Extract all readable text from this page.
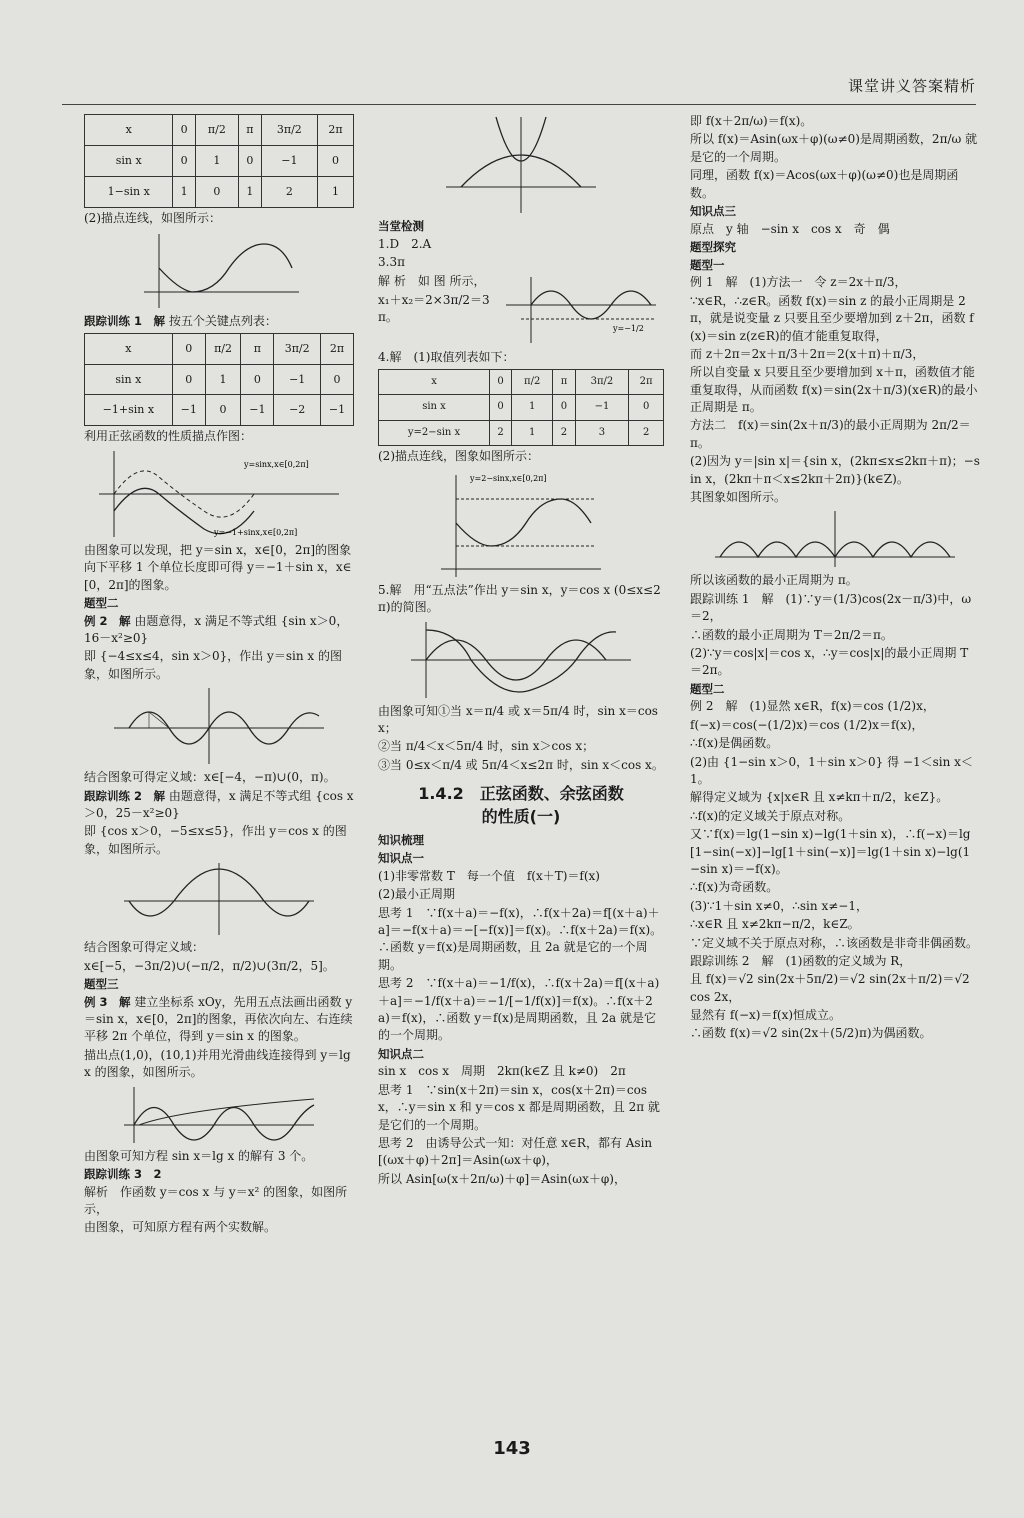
课堂讲义答案精析
x	0	π/2	π	3π/2	2π
sin x	0	1	0	−1	0
1−sin x	1	0	1	2	1

(2)描点连线，如图所示：

跟踪训练 1　解 按五个关键点列表：

x	0	π/2	π	3π/2	2π
sin x	0	1	0	−1	0
−1+sin x	−1	0	−1	−2	−1

利用正弦函数的性质描点作图：

y=sinx,x∈[0,2π]
y=−1+sinx,x∈[0,2π]

由图象可以发现，把 y＝sin x，x∈[0，2π]的图象向下平移 1 个单位长度即可得 y＝−1＋sin x，x∈[0，2π]的图象。

题型二

例 2　解 由题意得，x 满足不等式组 {sin x＞0，16－x²≥0}

即 {−4≤x≤4，sin x＞0}，作出 y＝sin x 的图象，如图所示。

结合图象可得定义域：x∈[−4，−π)∪(0，π)。

跟踪训练 2　解 由题意得，x 满足不等式组 {cos x＞0，25－x²≥0}

即 {cos x＞0，−5≤x≤5}，作出 y＝cos x 的图象，如图所示。

结合图象可得定义域：

x∈[−5，−3π/2)∪(−π/2，π/2)∪(3π/2，5]。

题型三

例 3　解 建立坐标系 xOy，先用五点法画出函数 y＝sin x，x∈[0，2π]的图象，再依次向左、右连续平移 2π 个单位，得到 y＝sin x 的图象。

描出点(1,0)，(10,1)并用光滑曲线连接得到 y＝lg x 的图象，如图所示。

由图象可知方程 sin x＝lg x 的解有 3 个。

跟踪训练 3　2

解析　作函数 y＝cos x 与 y＝x² 的图象，如图所示，

由图象，可知原方程有两个实数解。

当堂检测

1.D　2.A

3.3π

解 析　如 图 所示，

x₁＋x₂＝2×3π/2＝3π。

y=−1/2

4.解　(1)取值列表如下：

x	0	π/2	π	3π/2	2π
sin x	0	1	0	−1	0
y=2−sin x	2	1	2	3	2

(2)描点连线，图象如图所示：

y=2−sinx,x∈[0,2π]

5.解　用“五点法”作出 y＝sin x，y＝cos x (0≤x≤2π)的简图。

由图象可知①当 x＝π/4 或 x＝5π/4 时，sin x＝cos x；

②当 π/4＜x＜5π/4 时，sin x＞cos x；

③当 0≤x＜π/4 或 5π/4＜x≤2π 时，sin x＜cos x。

1.4.2　正弦函数、余弦函数
的性质(一)

知识梳理

知识点一

(1)非零常数 T　每一个值　f(x＋T)＝f(x)

(2)最小正周期

思考 1　∵f(x＋a)＝−f(x)，∴f(x＋2a)＝f[(x＋a)＋a]＝−f(x＋a)＝−[−f(x)]＝f(x)。∴f(x＋2a)＝f(x)。∴函数 y＝f(x)是周期函数，且 2a 就是它的一个周期。

思考 2　∵f(x＋a)＝−1/f(x)，∴f(x＋2a)＝f[(x＋a)＋a]＝−1/f(x＋a)＝−1/[−1/f(x)]＝f(x)。∴f(x＋2a)＝f(x)，∴函数 y＝f(x)是周期函数，且 2a 就是它的一个周期。

知识点二

sin x　cos x　周期　2kπ(k∈Z 且 k≠0)　2π

思考 1　∵sin(x＋2π)＝sin x，cos(x＋2π)＝cos x，∴y＝sin x 和 y＝cos x 都是周期函数，且 2π 就是它们的一个周期。

思考 2　由诱导公式一知：对任意 x∈R，都有 Asin[(ωx＋φ)＋2π]＝Asin(ωx＋φ)，

所以 Asin[ω(x＋2π/ω)＋φ]＝Asin(ωx＋φ)，

即 f(x＋2π/ω)＝f(x)。

所以 f(x)＝Asin(ωx＋φ)(ω≠0)是周期函数，2π/ω 就是它的一个周期。

同理，函数 f(x)＝Acos(ωx＋φ)(ω≠0)也是周期函数。

知识点三

原点　y 轴　−sin x　cos x　奇　偶

题型探究

题型一

例 1　解　(1)方法一　令 z＝2x＋π/3，

∵x∈R，∴z∈R。函数 f(x)＝sin z 的最小正周期是 2π，就是说变量 z 只要且至少要增加到 z＋2π，函数 f(x)＝sin z(z∈R)的值才能重复取得，

而 z＋2π＝2x＋π/3＋2π＝2(x＋π)＋π/3，

所以自变量 x 只要且至少要增加到 x＋π，函数值才能重复取得，从而函数 f(x)＝sin(2x＋π/3)(x∈R)的最小正周期是 π。

方法二　f(x)＝sin(2x＋π/3)的最小正周期为 2π/2＝π。

(2)因为 y＝|sin x|＝{sin x，(2kπ≤x≤2kπ＋π)；−sin x，(2kπ＋π＜x≤2kπ＋2π)}(k∈Z)。

其图象如图所示。

所以该函数的最小正周期为 π。

跟踪训练 1　解　(1)∵y＝(1/3)cos(2x－π/3)中，ω＝2，

∴函数的最小正周期为 T＝2π/2＝π。

(2)∵y＝cos|x|＝cos x，∴y＝cos|x|的最小正周期 T＝2π。

题型二

例 2　解　(1)显然 x∈R，f(x)＝cos (1/2)x，

f(−x)＝cos(−(1/2)x)＝cos (1/2)x＝f(x)，

∴f(x)是偶函数。

(2)由 {1−sin x＞0，1＋sin x＞0} 得 −1＜sin x＜1。

解得定义域为 {x|x∈R 且 x≠kπ＋π/2，k∈Z}。

∴f(x)的定义域关于原点对称。

又∵f(x)＝lg(1−sin x)−lg(1＋sin x)，∴f(−x)＝lg[1−sin(−x)]−lg[1＋sin(−x)]＝lg(1＋sin x)−lg(1−sin x)＝−f(x)。

∴f(x)为奇函数。

(3)∵1＋sin x≠0，∴sin x≠−1，

∴x∈R 且 x≠2kπ−π/2，k∈Z。

∵定义域不关于原点对称，∴该函数是非奇非偶函数。

跟踪训练 2　解　(1)函数的定义域为 R，

且 f(x)＝√2 sin(2x＋5π/2)＝√2 sin(2x＋π/2)＝√2 cos 2x，

显然有 f(−x)＝f(x)恒成立。

∴函数 f(x)＝√2 sin(2x＋(5/2)π)为偶函数。

143
